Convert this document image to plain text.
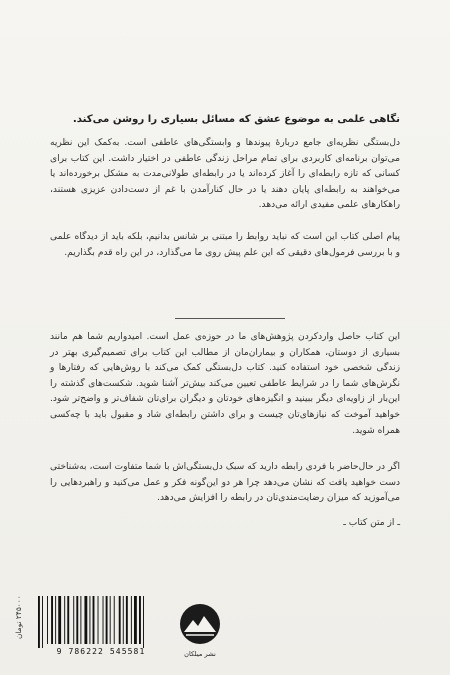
نگاهی علمی به موضوع عشق که مسائل بسیاری را روشن می‌کند.
دل‌بستگی نظریه‌ای جامع دربارهٔ پیوندها و وابستگی‌های عاطفی است. به‌کمک این نظریه می‌توان برنامه‌ای کاربردی برای تمام مراحل زندگی عاطفی در اختیار داشت. این کتاب برای کسانی که تازه رابطه‌ای را آغاز کرده‌اند یا در رابطه‌ای طولانی‌مدت به مشکل برخورده‌اند یا می‌خواهند به رابطه‌ای پایان دهند یا در حال کنارآمدن با غم از دست‌دادن عزیزی هستند، راهکارهای علمی مفیدی ارائه می‌دهد.
پیام اصلی کتاب این است که نباید روابط را مبتنی بر شانس بدانیم، بلکه باید از دیدگاه علمی و با بررسی فرمول‌های دقیقی که این علم پیش روی ما می‌گذارد، در این راه قدم بگذاریم.
این کتاب حاصل واردکردن پژوهش‌های ما در حوزه‌ی عمل است. امیدواریم شما هم مانند بسیاری از دوستان، همکاران و بیماران‌مان از مطالب این کتاب برای تصمیم‌گیری بهتر در زندگی شخصی خود استفاده کنید. کتاب دل‌بستگی کمک می‌کند با روش‌هایی که رفتارها و نگرش‌های شما را در شرایط عاطفی تعیین می‌کند بیش‌تر آشنا شوید. شکست‌های گذشته را این‌بار از زاویه‌ای دیگر ببینید و انگیزه‌های خودتان و دیگران برای‌تان شفاف‌تر و واضح‌تر شود. خواهید آموخت که نیازهای‌تان چیست و برای داشتن رابطه‌ای شاد و مقبول باید با چه‌کسی همراه شوید.
اگر در حال‌حاضر با فردی رابطه دارید که سبک دل‌بستگی‌اش با شما متفاوت است، به‌شناختی دست خواهید یافت که نشان می‌دهد چرا هر دو این‌گونه فکر و عمل می‌کنید و راهبردهایی را می‌آموزید که میزان رضایت‌مندی‌تان در رابطه را افزایش می‌دهد.
ـ از متن کتاب ـ
۲۴۵۰۰۰ تومان
9 786222 545581	نشر میلکان
